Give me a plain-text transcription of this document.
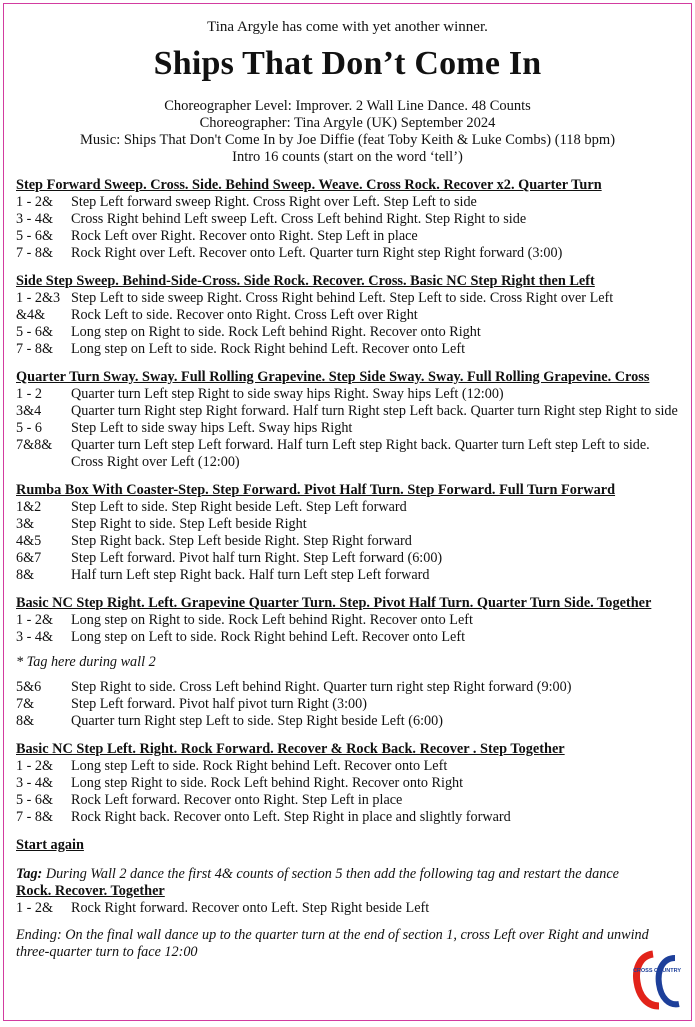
Tina Argyle has come with yet another winner.
Ships That Don’t Come In
Choreographer Level: Improver. 2 Wall Line Dance. 48 Counts
Choreographer: Tina Argyle (UK) September 2024
Music: Ships That Don't Come In by Joe Diffie (feat Toby Keith & Luke Combs) (118 bpm)
Intro 16 counts (start on the word ‘tell’)
Step Forward Sweep. Cross. Side. Behind Sweep. Weave. Cross Rock. Recover x2. Quarter Turn
1 - 2&	Step Left forward sweep Right. Cross Right over Left. Step Left to side
3 - 4&	Cross Right behind Left sweep Left. Cross Left behind Right. Step Right to side
5 - 6&	Rock Left over Right. Recover onto Right. Step Left in place
7 - 8&	Rock Right over Left. Recover onto Left. Quarter turn Right step Right forward (3:00)
Side Step Sweep. Behind-Side-Cross. Side Rock. Recover. Cross. Basic NC Step Right then Left
1 - 2&3 Step Left to side sweep Right. Cross Right behind Left. Step Left to side. Cross Right over Left
&4&	Rock Left to side. Recover onto Right. Cross Left over Right
5 - 6&	Long step on Right to side. Rock Left behind Right. Recover onto Right
7 - 8&	Long step on Left to side. Rock Right behind Left. Recover onto Left
Quarter Turn Sway. Sway. Full Rolling Grapevine. Step Side Sway. Sway. Full Rolling Grapevine. Cross
1 - 2	Quarter turn Left step Right to side sway hips Right. Sway hips Left (12:00)
3&4	Quarter turn Right step Right forward. Half turn Right step Left back. Quarter turn Right step Right to side
5 - 6	Step Left to side sway hips Left. Sway hips Right
7&8&	Quarter turn Left step Left forward. Half turn Left step Right back. Quarter turn Left step Left to side. Cross Right over Left (12:00)
Rumba Box With Coaster-Step. Step Forward. Pivot Half Turn. Step Forward. Full Turn Forward
1&2	Step Left to side. Step Right beside Left. Step Left forward
3&	Step Right to side. Step Left beside Right
4&5	Step Right back. Step Left beside Right. Step Right forward
6&7	Step Left forward. Pivot half turn Right. Step Left forward (6:00)
8&	Half turn Left step Right back. Half turn Left step Left forward
Basic NC Step Right. Left. Grapevine Quarter Turn. Step. Pivot Half Turn. Quarter Turn Side. Together
1 - 2&	Long step on Right to side. Rock Left behind Right. Recover onto Left
3 - 4&	Long step on Left to side. Rock Right behind Left. Recover onto Left
* Tag here during wall 2
5&6	Step Right to side. Cross Left behind Right. Quarter turn right step Right forward (9:00)
7&	Step Left forward. Pivot half pivot turn Right (3:00)
8&	Quarter turn Right step Left to side. Step Right beside Left (6:00)
Basic NC Step Left. Right. Rock Forward. Recover & Rock Back. Recover . Step Together
1 - 2&	Long step Left to side. Rock Right behind Left. Recover onto Left
3 - 4&	Long step Right to side. Rock Left behind Right. Recover onto Right
5 - 6&	Rock Left forward. Recover onto Right. Step Left in place
7 - 8&	Rock Right back. Recover onto Left. Step Right in place and slightly forward
Start again
Tag: During Wall 2 dance the first 4& counts of section 5 then add the following tag and restart the dance
Rock. Recover. Together
1 - 2&	Rock Right forward. Recover onto Left. Step Right beside Left
Ending: On the final wall dance up to the quarter turn at the end of section 1, cross Left over Right and unwind three-quarter turn to face 12:00
CROSS COUNTRY
